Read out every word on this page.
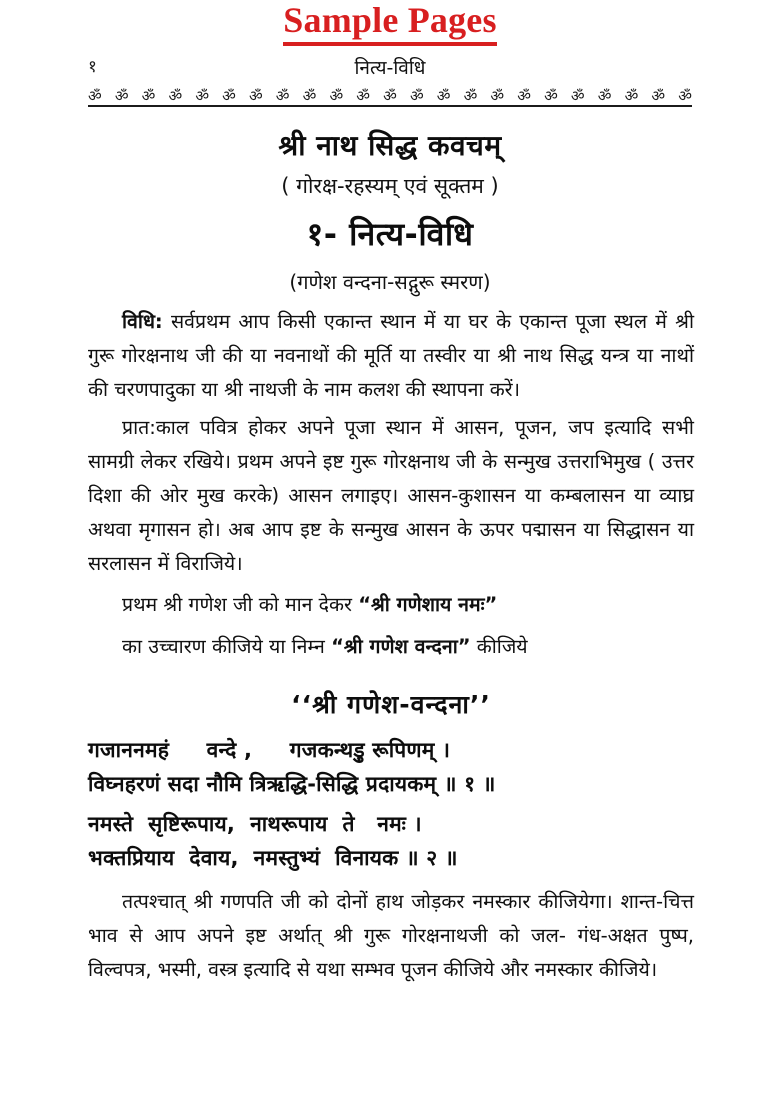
Sample Pages
१	नित्य-विधि
ॐ ॐ ॐ ॐ ॐ ॐ ॐ ॐ ॐ ॐ ॐ ॐ ॐ ॐ ॐ ॐ ॐ ॐ ॐ ॐ ॐ ॐ ॐ
श्री नाथ सिद्ध कवचम्
( गोरक्ष-रहस्यम् एवं सूक्तम )
१- नित्य-विधि
(गणेश वन्दना-सद्गुरू स्मरण)

विधि: सर्वप्रथम आप किसी एकान्त स्थान में या घर के एकान्त पूजा स्थल में श्री गुरू गोरक्षनाथ जी की या नवनाथों की मूर्ति या तस्वीर या श्री नाथ सिद्ध यन्त्र या नाथों की चरणपादुका या श्री नाथजी के नाम कलश की स्थापना करें।

प्रात:काल पवित्र होकर अपने पूजा स्थान में आसन, पूजन, जप इत्यादि सभी सामग्री लेकर रखिये। प्रथम अपने इष्ट गुरू गोरक्षनाथ जी के सन्मुख उत्तराभिमुख ( उत्तर दिशा की ओर मुख करके) आसन लगाइए। आसन-कुशासन या कम्बलासन या व्याघ्र अथवा मृगासन हो। अब आप इष्ट के सन्मुख आसन के ऊपर पद्मासन या सिद्धासन या सरलासन में विराजिये।

प्रथम श्री गणेश जी को मान देकर “श्री गणेशाय नमः”

का उच्चारण कीजिये या निम्न “श्री गणेश वन्दना” कीजिये

‘‘श्री गणेश-वन्दना’’

गजाननमहं     वन्दे ,     गजकन्थडु़ रूपिणम् ।

विघ्नहरणं सदा नौमि त्रिऋद्धि-सिद्धि प्रदायकम् ॥ १ ॥

नमस्ते  सृष्टिरूपाय,  नाथरूपाय  ते   नमः ।

भक्तप्रियाय  देवाय,  नमस्तुभ्यं  विनायक ॥ २ ॥

तत्पश्चात् श्री गणपति जी को दोनों हाथ जोड़कर नमस्कार कीजियेगा। शान्त-चित्त भाव से आप अपने इष्ट अर्थात् श्री गुरू गोरक्षनाथजी को जल- गंध-अक्षत पुष्प, विल्वपत्र, भस्मी, वस्त्र इत्यादि से यथा सम्भव पूजन कीजिये और नमस्कार कीजिये।
